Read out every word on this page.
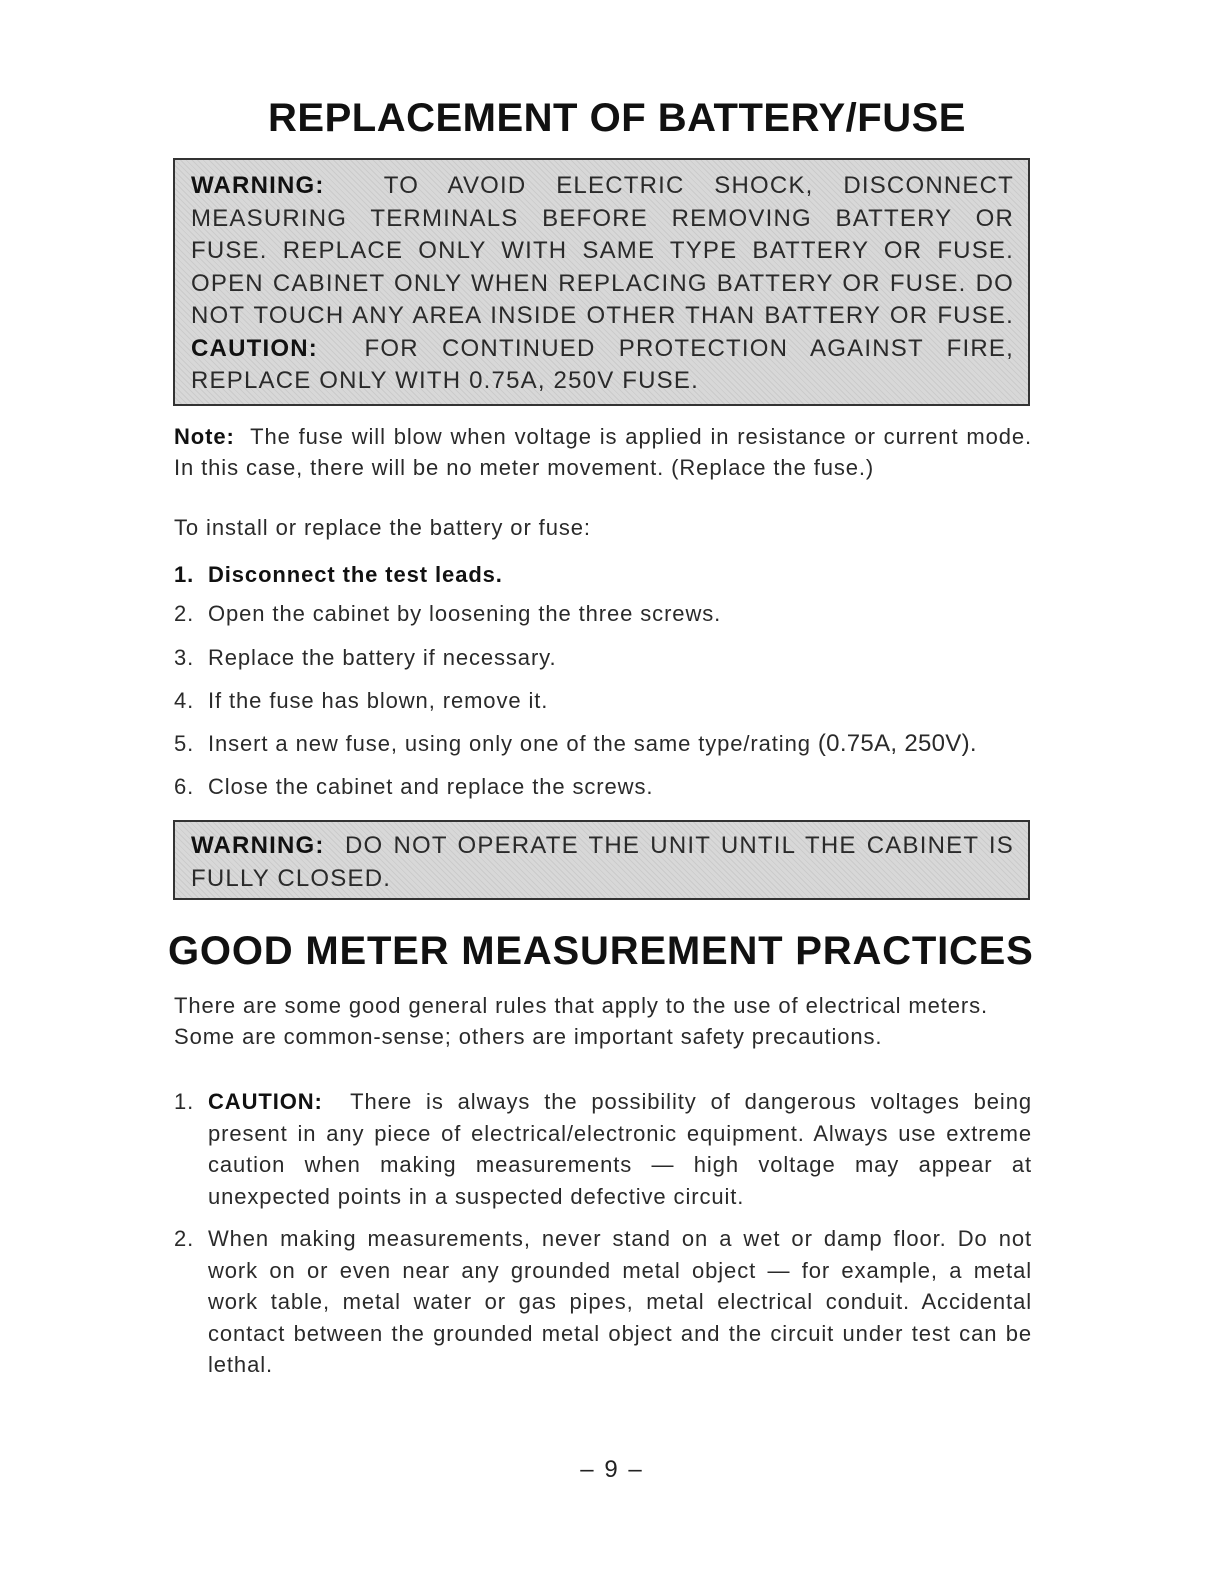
REPLACEMENT OF BATTERY/FUSE
WARNING: TO AVOID ELECTRIC SHOCK, DISCONNECT MEASURING TERMINALS BEFORE REMOVING BATTERY OR FUSE. REPLACE ONLY WITH SAME TYPE BATTERY OR FUSE. OPEN CABINET ONLY WHEN REPLACING BATTERY OR FUSE. DO NOT TOUCH ANY AREA INSIDE OTHER THAN BATTERY OR FUSE. CAUTION: FOR CONTINUED PROTECTION AGAINST FIRE, REPLACE ONLY WITH 0.75A, 250V FUSE.

Note: The fuse will blow when voltage is applied in resistance or current mode. In this case, there will be no meter movement. (Replace the fuse.)

To install or replace the battery or fuse:

1. Disconnect the test leads.
2. Open the cabinet by loosening the three screws.
3. Replace the battery if necessary.
4. If the fuse has blown, remove it.
5. Insert a new fuse, using only one of the same type/rating (0.75A, 250V).
6. Close the cabinet and replace the screws.
WARNING: DO NOT OPERATE THE UNIT UNTIL THE CABINET IS FULLY CLOSED.
GOOD METER MEASUREMENT PRACTICES

There are some good general rules that apply to the use of electrical meters. Some are common-sense; others are important safety precautions.

1. CAUTION: There is always the possibility of dangerous voltages being present in any piece of electrical/electronic equipment. Always use extreme caution when making measurements — high voltage may appear at unexpected points in a suspected defective circuit.
2. When making measurements, never stand on a wet or damp floor. Do not work on or even near any grounded metal object — for example, a metal work table, metal water or gas pipes, metal electrical conduit. Accidental contact between the grounded metal object and the circuit under test can be lethal.
– 9 –
